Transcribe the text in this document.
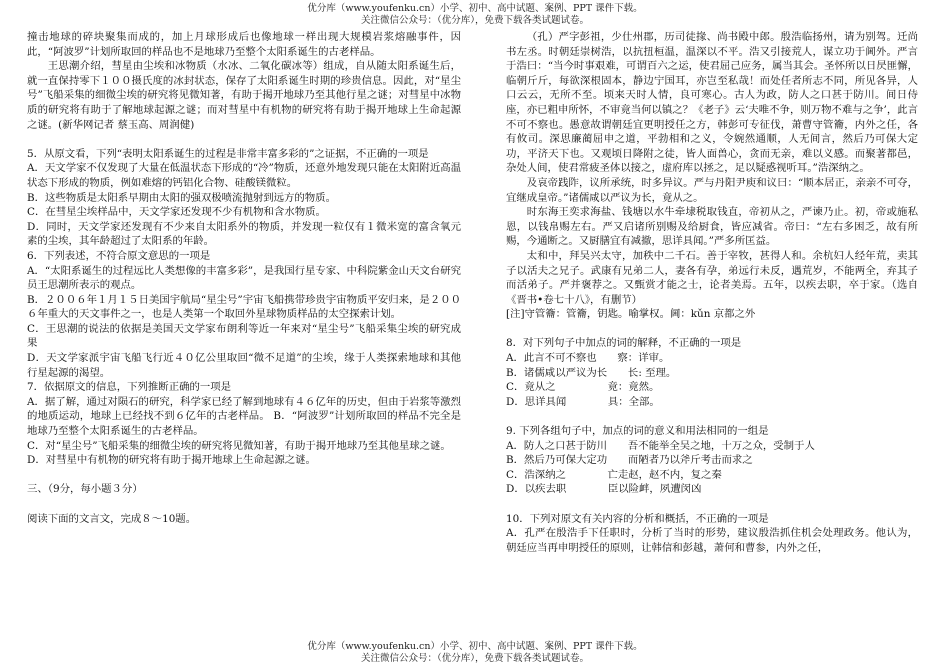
优分库（www.youfenku.cn）小学、初中、高中试题、案例、PPT 课件下载。
关注微信公众号：（优分库），免费下载各类试题试卷。

撞击地球的碎块聚集而成的，加上月球形成后也像地球一样出现大规模岩浆熔融事件，因此，“阿波罗”计划所取回的样品也不是地球乃至整个太阳系诞生的古老样品。

王思潮介绍，彗星由尘埃和冰物质（水冰、二氧化碳冰等）组成，自从随太阳系诞生后，就一直保持零下１００摄氏度的冰封状态，保存了太阳系诞生时期的珍贵信息。因此，对“星尘号”飞船采集的细微尘埃的研究将见微知著，有助于揭开地球乃至其他行星之谜；对彗星中冰物质的研究将有助于了解地球起源之谜；而对彗星中有机物的研究将有助于揭开地球上生命起源之谜。(新华网记者 蔡玉高、周润健)

5．从原文看，下列“表明太阳系诞生的过程是非常丰富多彩的”之证据，不正确的一项是

A．天文学家不仅发现了大量在低温状态下形成的“冷”物质，还意外地发现只能在太阳附近高温状态下形成的物质，例如难熔的钙铝化合物、硅酸镁微粒。

B．这些物质是太阳系早期由太阳的强双极喷流抛射到远方的物质。

C．在彗星尘埃样品中，天文学家还发现不少有机物和含水物质。

D．同时，天文学家还发现有不少来自太阳系外的物质，并发现一粒仅有１微米宽的富含氧元素的尘埃，其年龄超过了太阳系的年龄。

6．下列表述，不符合原文意思的一项是

A．“太阳系诞生的过程远比人类想像的丰富多彩”，是我国行星专家、中科院紫金山天文台研究员王思潮所表示的观点。

B．２００６年１月１５日美国宇航局“星尘号”宇宙飞船携带珍贵宇宙物质平安归来，是２００６年重大的天文事件之一，也是人类第一个取回外星球物质样品的太空探索计划。

C．王思潮的说法的依据是美国天文学家布朗利等近一年来对“星尘号”飞船采集尘埃的研究成果

D．天文学家派宇宙飞船飞行近４０亿公里取回“微不足道”的尘埃，缘于人类探索地球和其他行星起源的渴望。

7．依据原文的信息，下列推断正确的一项是

A．据了解，通过对陨石的研究，科学家已经了解到地球有４６亿年的历史，但由于岩浆等激烈的地质运动，地球上已经找不到６亿年的古老样品。 B．“阿波罗”计划所取回的样品不完全是地球乃至整个太阳系诞生的古老样品。

C．对“星尘号”飞船采集的细微尘埃的研究将见微知著，有助于揭开地球乃至其他星球之谜。

D．对彗星中有机物的研究将有助于揭开地球上生命起源之谜。

三、（9分，每小题３分）

阅读下面的文言文，完成８～10题。

（孔）严字彭祖，少仕州郡，历司徒掾、尚书殿中郎。殷浩临扬州，请为别驾。迁尚书左丞。时朝廷崇树浩，以抗扭桓温，温深以不平。浩又引接荒人，谋立功于阃外。严言于浩曰：“当今时事艰难，可谓百六之运，使君屈己应务，属当其会。圣怀所以日昃匪懈，临朝斤斤，每欲深根固本，静边宁国耳，亦岂至私哉！而处任者所志不同，所见各异，人口云云，无所不至。顷来天时人情，良可寒心。古人为政，防人之口甚于防川。间日侍座，亦已粗申所怀，不审竟当何以镇之？《老子》云‘夫唯不争，则万物不难与之争’，此言不可不察也。愚意故谓朝廷宜更明授任之方，韩彭可专征伐，萧曹守管籥，内外之任，各有攸司。深思廉蔺屈申之道，平勃相和之义，令婉然通顺，人无间言，然后乃可保大定功，平济天下也。又观顷日降附之徒，皆人面兽心，贪而无亲，难以义感。而聚著都邑，杂处人间，使君常疲圣体以接之，虚府库以拯之，足以疑惑视听耳。”浩深纳之。

及哀帝践阼，议所承统，时多异议。严与丹阳尹庾和议曰：“顺本居正，亲亲不可夺，宜继成皇帝。”诸儒咸以严议为长，竟从之。

时东海王奕求海盐、钱塘以水牛牵埭税取钱直，帝初从之，严谏乃止。初，帝或施私恩，以钱帛赐左右。严又启诸所别赐及给厨食，皆应减省。帝曰：“左右多困乏，故有所赐，今通断之。又厨膳宜有减撤，思详具闻。”严多所匡益。

太和中，拜吴兴太守，加秩中二千石。善于宰牧，甚得人和。余杭妇人经年荒，卖其子以活夫之兄子。武康有兄弟二人，妻各有孕，弟远行未反，遇荒岁，不能两全，弃其子而活弟子。严并褒荐之。又甄赏才能之士，论者美焉。五年，以疾去职，卒于家。（选自《晋书•卷七十八》，有删节）

[注]守管籥：管籥，钥匙。喻掌权。阃：kǔn 京都之外

8．对下列句子中加点的词的解释，不正确的一项是

A．此言不可不察也　　察：详审。

B．诸儒咸以严议为长　　长: 至理。

C．竟从之　　　　　竟：竟然。

D．思详具闻　　　　具：全部。

9. 下列各组句子中，加点的词的意义和用法相同的一组是

A．防人之口甚于防川　　吾不能举全吴之地，十万之众，受制于人

B．然后乃可保大定功　　而陋者乃以斧斤考击而求之

C．浩深纳之　　　　亡走赵，赵不内，复之秦

D．以疾去职　　　　臣以险衅，夙遭闵凶

10．下列对原文有关内容的分析和概括，不正确的一项是

A．孔严在殷浩手下任职时，分析了当时的形势，建议殷浩抓住机会处理政务。他认为，朝廷应当再申明授任的原则，让韩信和彭越，萧何和曹参，内外之任，

优分库（www.youfenku.cn）小学、初中、高中试题、案例、PPT 课件下载。
关注微信公众号：（优分库），免费下载各类试题试卷。
